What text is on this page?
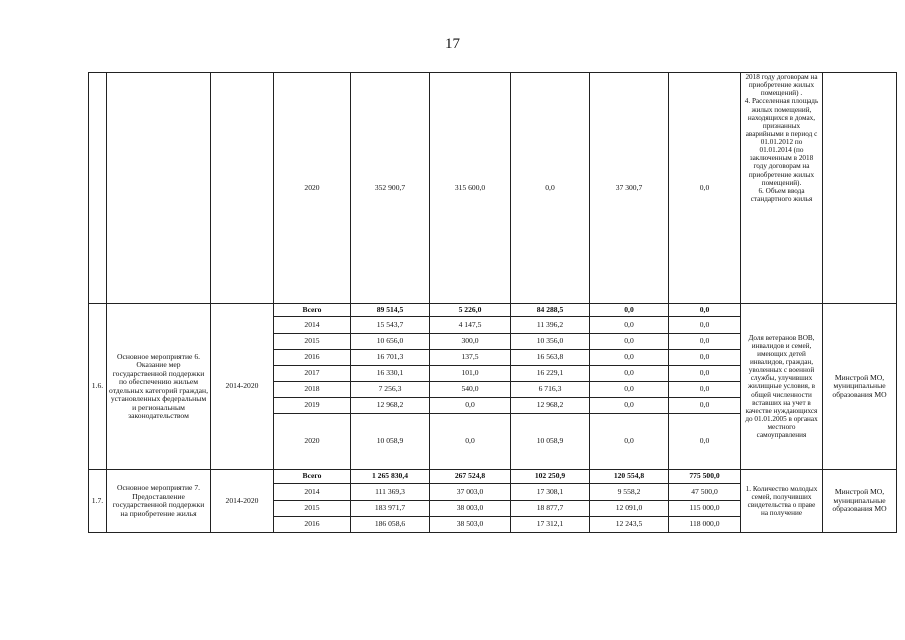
17
			2020	352 900,7	315 600,0	0,0	37 300,7	0,0	2018 году договорам на приобретение жилых помещений) .
4. Расселенная площадь жилых помещений, находящихся в домах, признанных аварийными в период с 01.01.2012 по 01.01.2014 (по заключенным в 2018 году договорам на приобретение жилых помещений).
6. Объем ввода стандартного жилья	
1.6.	Основное мероприятие 6. Оказание мер государственной поддержки по обеспечению жильем отдельных категорий граждан, установленных федеральным и региональным законодательством	2014-2020	Всего	89 514,5	5 226,0	84 288,5	0,0	0,0	Доля ветеранов ВОВ, инвалидов и семей, имеющих детей инвалидов, граждан, уволенных с военной службы, улучивших жилищные условия, в общей численности вставших на учет в качестве нуждающихся до 01.01.2005 в органах местного самоуправления	Минстрой МО, муниципальные образования МО
			2014	15 543,7	4 147,5	11 396,2	0,0	0,0		
			2015	10 656,0	300,0	10 356,0	0,0	0,0		
			2016	16 701,3	137,5	16 563,8	0,0	0,0		
			2017	16 330,1	101,0	16 229,1	0,0	0,0		
			2018	7 256,3	540,0	6 716,3	0,0	0,0		
			2019	12 968,2	0,0	12 968,2	0,0	0,0		
			2020	10 058,9	0,0	10 058,9	0,0	0,0		
1.7.	Основное мероприятие 7. Предоставление государственной поддержки на приобретение жилья	2014-2020	Всего	1 265 830,4	267 524,8	102 250,9	120 554,8	775 500,0	1. Количество молодых семей, получивших свидетельства о праве на получение	Минстрой МО, муниципальные образования МО
			2014	111 369,3	37 003,0	17 308,1	9 558,2	47 500,0		
			2015	183 971,7	38 003,0	18 877,7	12 091,0	115 000,0		
			2016	186 058,6	38 503,0	17 312,1	12 243,5	118 000,0		
